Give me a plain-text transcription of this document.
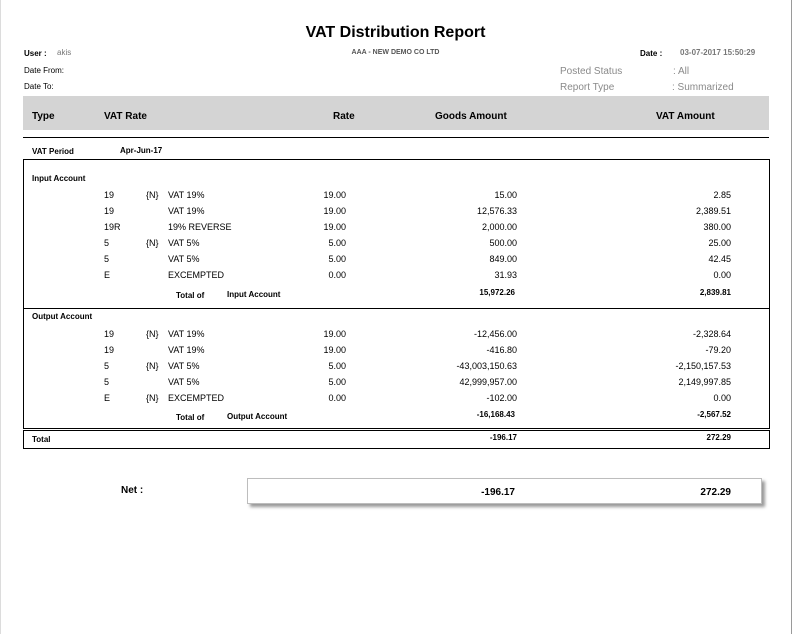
VAT Distribution Report
AAA - NEW DEMO CO LTD
User : akis
Date From:
Date To:
Date : 03-07-2017 15:50:29
Posted Status	: All
Report Type	: Summarized
Type	VAT Rate	Rate	Goods Amount	VAT Amount
VAT Period	Apr-Jun-17
Input Account
19	{N} VAT 19%	19.00	15.00	2.85
19	VAT 19%	19.00	12,576.33	2,389.51
19R	19% REVERSE	19.00	2,000.00	380.00
5	{N} VAT 5%	5.00	500.00	25.00
5	VAT 5%	5.00	849.00	42.45
E	EXCEMPTED	0.00	31.93	0.00
Total of	Input Account	15,972.26	2,839.81
Output Account
19	{N} VAT 19%	19.00	-12,456.00	-2,328.64
19	VAT 19%	19.00	-416.80	-79.20
5	{N} VAT 5%	5.00	-43,003,150.63	-2,150,157.53
5	VAT 5%	5.00	42,999,957.00	2,149,997.85
E	{N} EXCEMPTED	0.00	-102.00	0.00
Total of	Output Account	-16,168.43	-2,567.52
Total	-196.17	272.29
Net :	-196.17	272.29
